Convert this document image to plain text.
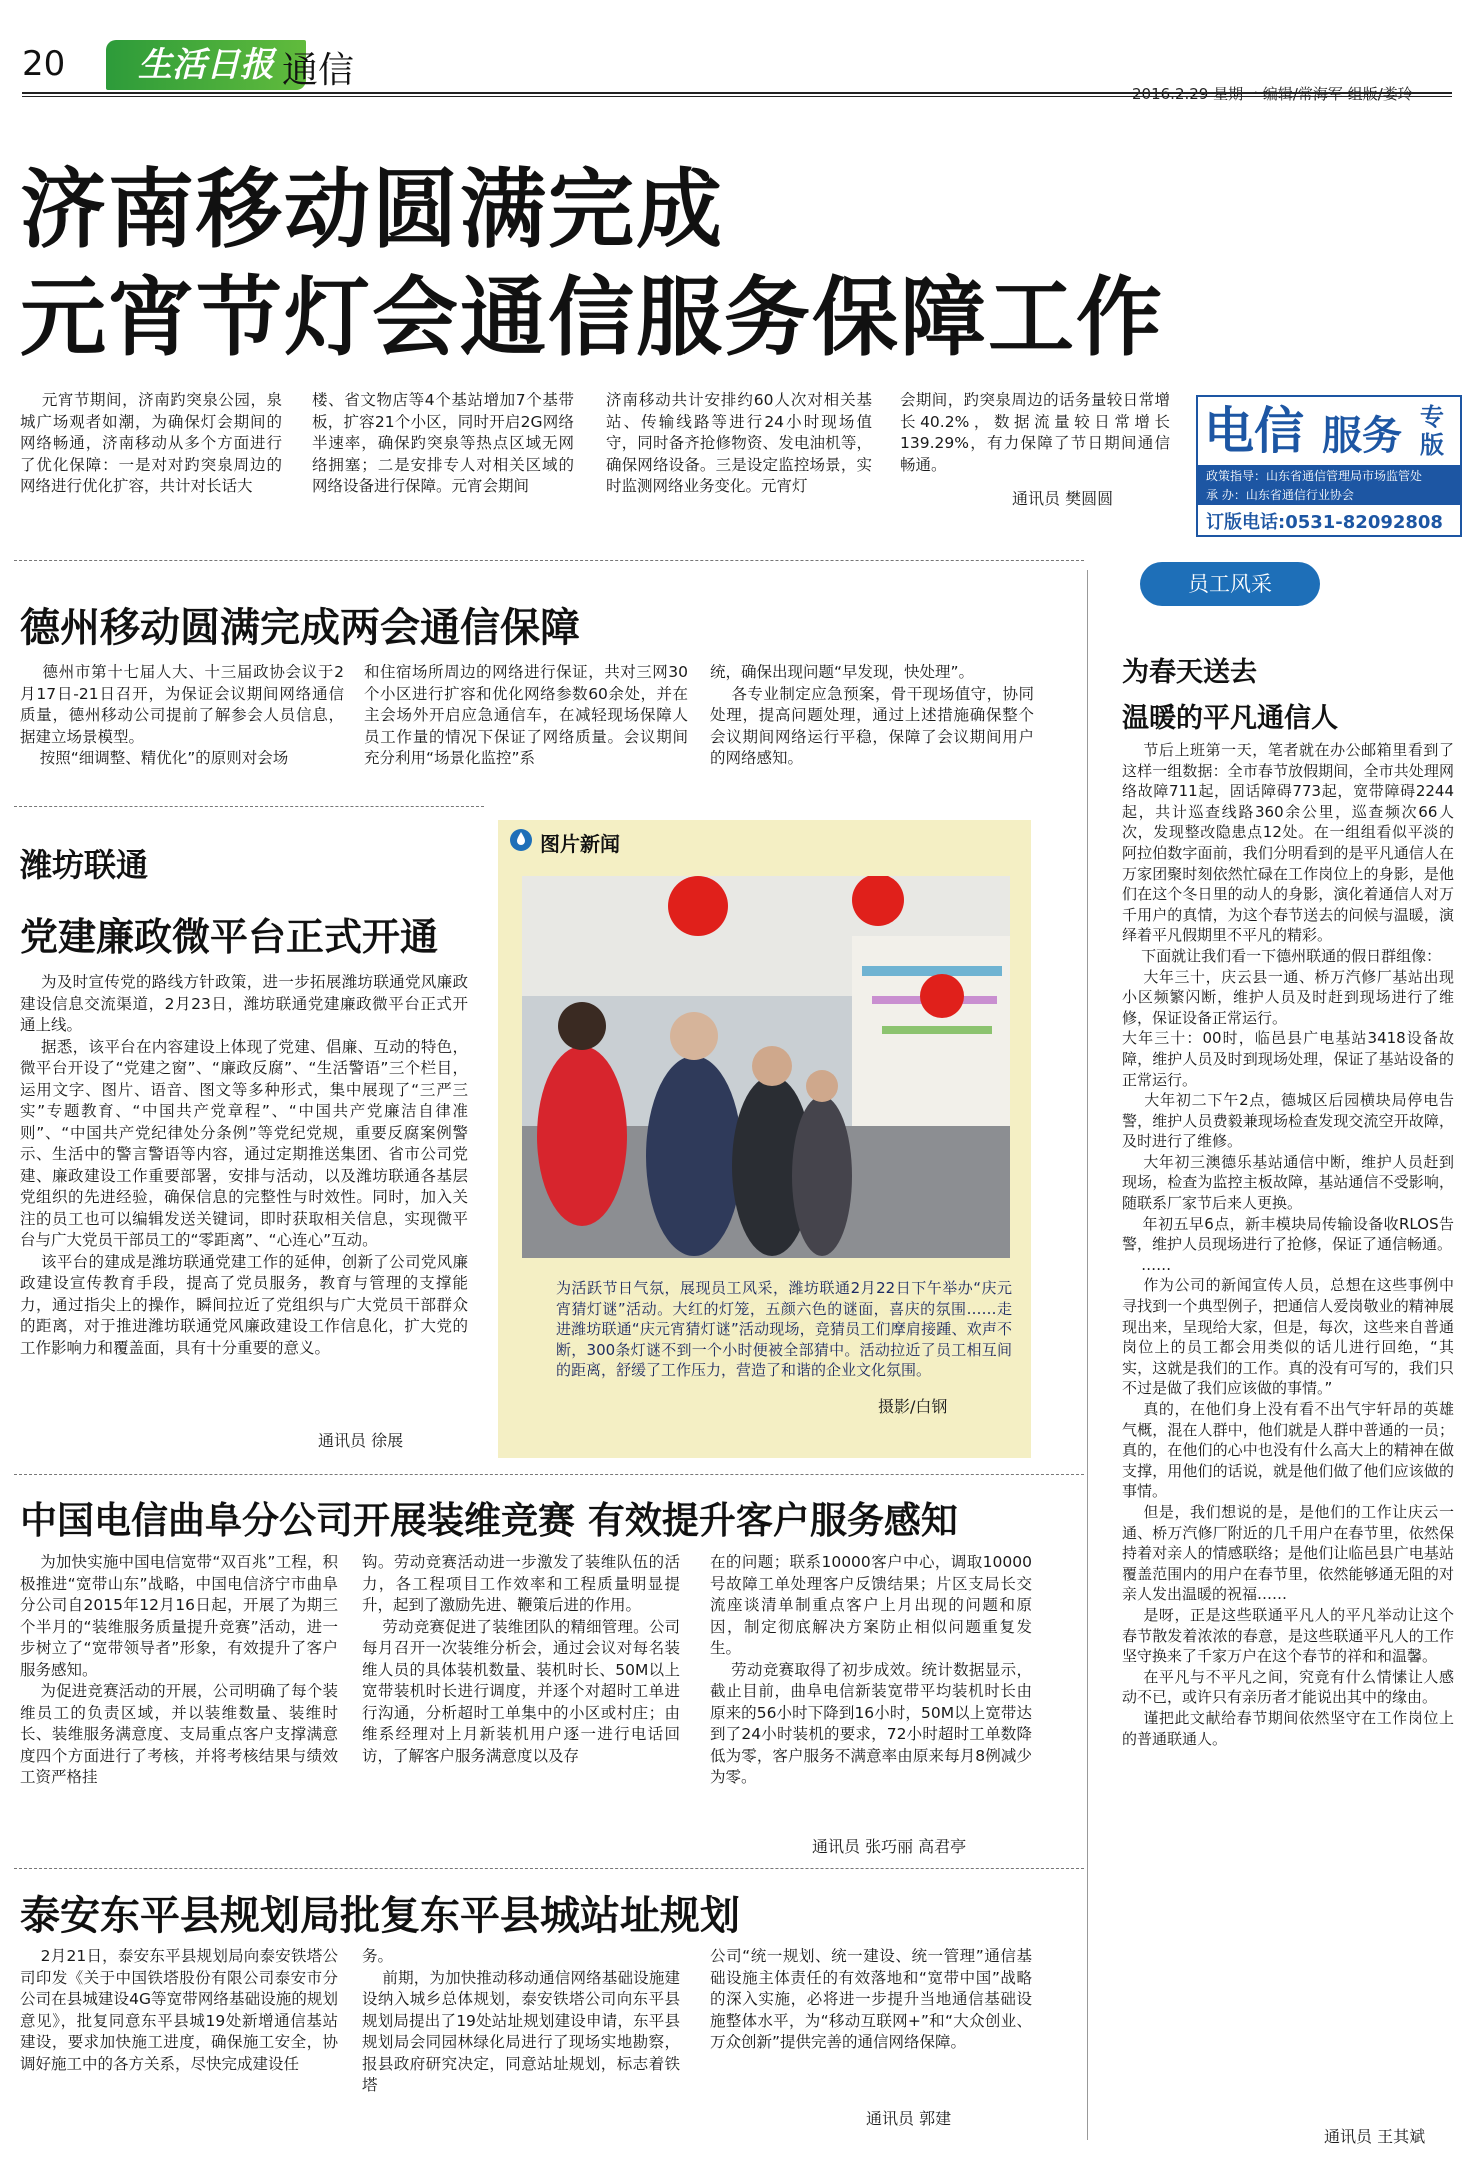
20	生活日报 通信
2016.2.29 星期一 编辑/常海军 组版/娄玲
济南移动圆满完成
元宵节灯会通信服务保障工作
元宵节期间，济南趵突泉公园，泉城广场观者如潮，为确保灯会期间的网络畅通，济南移动从多个方面进行了优化保障：一是对对趵突泉周边的网络进行优化扩容，共计对长话大
楼、省文物店等4个基站增加7个基带板，扩容21个小区，同时开启2G网络半速率，确保趵突泉等热点区域无网络拥塞；二是安排专人对相关区域的网络设备进行保障。元宵会期间
济南移动共计安排约60人次对相关基站、传输线路等进行24小时现场值守，同时备齐抢修物资、发电油机等，确保网络设备。三是设定监控场景，实时监测网络业务变化。元宵灯
会期间，趵突泉周边的话务量较日常增长40.2%，数据流量较日常增长139.29%，有力保障了节日期间通信畅通。
通讯员 樊圆圆
电信 服务 专版
政策指导：山东省通信管理局市场监管处
承 办：山东省通信行业协会
订版电话:0531-82092808
德州移动圆满完成两会通信保障
德州市第十七届人大、十三届政协会议于2月17日-21日召开，为保证会议期间网络通信质量，德州移动公司提前了解参会人员信息，据建立场景模型。
按照“细调整、精优化”的原则对会场
和住宿场所周边的网络进行保证，共对三网30个小区进行扩容和优化网络参数60余处，并在主会场外开启应急通信车，在减轻现场保障人员工作量的情况下保证了网络质量。会议期间充分利用“场景化监控”系
统，确保出现问题“早发现，快处理”。
各专业制定应急预案，骨干现场值守，协同处理，提高问题处理，通过上述措施确保整个会议期间网络运行平稳，保障了会议期间用户的网络感知。
潍坊联通
党建廉政微平台正式开通
为及时宣传党的路线方针政策，进一步拓展潍坊联通党风廉政建设信息交流渠道，2月23日，潍坊联通党建廉政微平台正式开通上线。
据悉，该平台在内容建设上体现了党建、倡廉、互动的特色，微平台开设了“党建之窗”、“廉政反腐”、“生活警语”三个栏目，运用文字、图片、语音、图文等多种形式，集中展现了“三严三实”专题教育、“中国共产党章程”、“中国共产党廉洁自律准则”、“中国共产党纪律处分条例”等党纪党规，重要反腐案例警示、生活中的警言警语等内容，通过定期推送集团、省市公司党建、廉政建设工作重要部署，安排与活动，以及潍坊联通各基层党组织的先进经验，确保信息的完整性与时效性。同时，加入关注的员工也可以编辑发送关键词，即时获取相关信息，实现微平台与广大党员干部员工的“零距离”、“心连心”互动。
该平台的建成是潍坊联通党建工作的延伸，创新了公司党风廉政建设宣传教育手段，提高了党员服务，教育与管理的支撑能力，通过指尖上的操作，瞬间拉近了党组织与广大党员干部群众的距离，对于推进潍坊联通党风廉政建设工作信息化，扩大党的工作影响力和覆盖面，具有十分重要的意义。
通讯员 徐展
图片新闻
为活跃节日气氛，展现员工风采，潍坊联通2月22日下午举办“庆元宵猜灯谜”活动。大红的灯笼，五颜六色的谜面，喜庆的氛围……走进潍坊联通“庆元宵猜灯谜”活动现场，竞猜员工们摩肩接踵、欢声不断，300条灯谜不到一个小时便被全部猜中。活动拉近了员工相互间的距离，舒缓了工作压力，营造了和谐的企业文化氛围。
摄影/白钢
中国电信曲阜分公司开展装维竞赛 有效提升客户服务感知
为加快实施中国电信宽带“双百兆”工程，积极推进“宽带山东”战略，中国电信济宁市曲阜分公司自2015年12月16日起，开展了为期三个半月的“装维服务质量提升竞赛”活动，进一步树立了“宽带领导者”形象，有效提升了客户服务感知。
为促进竞赛活动的开展，公司明确了每个装维员工的负责区域，并以装维数量、装维时长、装维服务满意度、支局重点客户支撑满意度四个方面进行了考核，并将考核结果与绩效工资严格挂
钩。劳动竞赛活动进一步激发了装维队伍的活力，各工程项目工作效率和工程质量明显提升，起到了激励先进、鞭策后进的作用。
劳动竞赛促进了装维团队的精细管理。公司每月召开一次装维分析会，通过会议对每名装维人员的具体装机数量、装机时长、50M以上宽带装机时长进行调度，并逐个对超时工单进行沟通，分析超时工单集中的小区或村庄；由维系经理对上月新装机用户逐一进行电话回访，了解客户服务满意度以及存
在的问题；联系10000客户中心，调取10000号故障工单处理客户反馈结果；片区支局长交流座谈清单制重点客户上月出现的问题和原因，制定彻底解决方案防止相似问题重复发生。
劳动竞赛取得了初步成效。统计数据显示，截止目前，曲阜电信新装宽带平均装机时长由原来的56小时下降到16小时，50M以上宽带达到了24小时装机的要求，72小时超时工单数降低为零，客户服务不满意率由原来每月8例减少为零。
通讯员 张巧丽 高君亭
泰安东平县规划局批复东平县城站址规划
2月21日，泰安东平县规划局向泰安铁塔公司印发《关于中国铁塔股份有限公司泰安市分公司在县城建设4G等宽带网络基础设施的规划意见》，批复同意东平县城19处新增通信基站建设，要求加快施工进度，确保施工安全，协调好施工中的各方关系，尽快完成建设任
务。
前期，为加快推动移动通信网络基础设施建设纳入城乡总体规划，泰安铁塔公司向东平县规划局提出了19处站址规划建设申请，东平县规划局会同园林绿化局进行了现场实地勘察，报县政府研究决定，同意站址规划，标志着铁塔
公司“统一规划、统一建设、统一管理”通信基础设施主体责任的有效落地和“宽带中国”战略的深入实施，必将进一步提升当地通信基础设施整体水平，为“移动互联网+”和“大众创业、万众创新”提供完善的通信网络保障。
通讯员 郭建
员工风采
为春天送去
温暖的平凡通信人
节后上班第一天，笔者就在办公邮箱里看到了这样一组数据：全市春节放假期间，全市共处理网络故障711起，固话障碍773起，宽带障碍2244起，共计巡查线路360余公里，巡查频次66人次，发现整改隐患点12处。在一组组看似平淡的阿拉伯数字面前，我们分明看到的是平凡通信人在万家团聚时刻依然忙碌在工作岗位上的身影，是他们在这个冬日里的动人的身影，演化着通信人对万千用户的真情，为这个春节送去的问候与温暖，演绎着平凡假期里不平凡的精彩。
下面就让我们看一下德州联通的假日群组像：
大年三十，庆云县一通、桥万汽修厂基站出现小区频繁闪断，维护人员及时赶到现场进行了维修，保证设备正常运行。
大年三十：00时，临邑县广电基站3418设备故障，维护人员及时到现场处理，保证了基站设备的正常运行。
大年初二下午2点，德城区后园横块局停电告警，维护人员费毅兼现场检查发现交流空开故障，及时进行了维修。
大年初三澳德乐基站通信中断，维护人员赶到现场，检查为监控主板故障，基站通信不受影响，随联系厂家节后来人更换。
年初五早6点，新丰模块局传输设备收RLOS告警，维护人员现场进行了抢修，保证了通信畅通。
……
作为公司的新闻宣传人员，总想在这些事例中寻找到一个典型例子，把通信人爱岗敬业的精神展现出来，呈现给大家，但是，每次，这些来自普通岗位上的员工都会用类似的话儿进行回绝，“其实，这就是我们的工作。真的没有可写的，我们只不过是做了我们应该做的事情。”
真的，在他们身上没有看不出气宇轩昂的英雄气概，混在人群中，他们就是人群中普通的一员；真的，在他们的心中也没有什么高大上的精神在做支撑，用他们的话说，就是他们做了他们应该做的事情。
但是，我们想说的是，是他们的工作让庆云一通、桥万汽修厂附近的几千用户在春节里，依然保持着对亲人的情感联络；是他们让临邑县广电基站覆盖范围内的用户在春节里，依然能够通无阻的对亲人发出温暖的祝福……
是呀，正是这些联通平凡人的平凡举动让这个春节散发着浓浓的春意，是这些联通平凡人的工作坚守换来了千家万户在这个春节的祥和和温馨。
在平凡与不平凡之间，究竟有什么情愫让人感动不已，或许只有亲历者才能说出其中的缘由。
谨把此文献给春节期间依然坚守在工作岗位上的普通联通人。
通讯员 王其斌
